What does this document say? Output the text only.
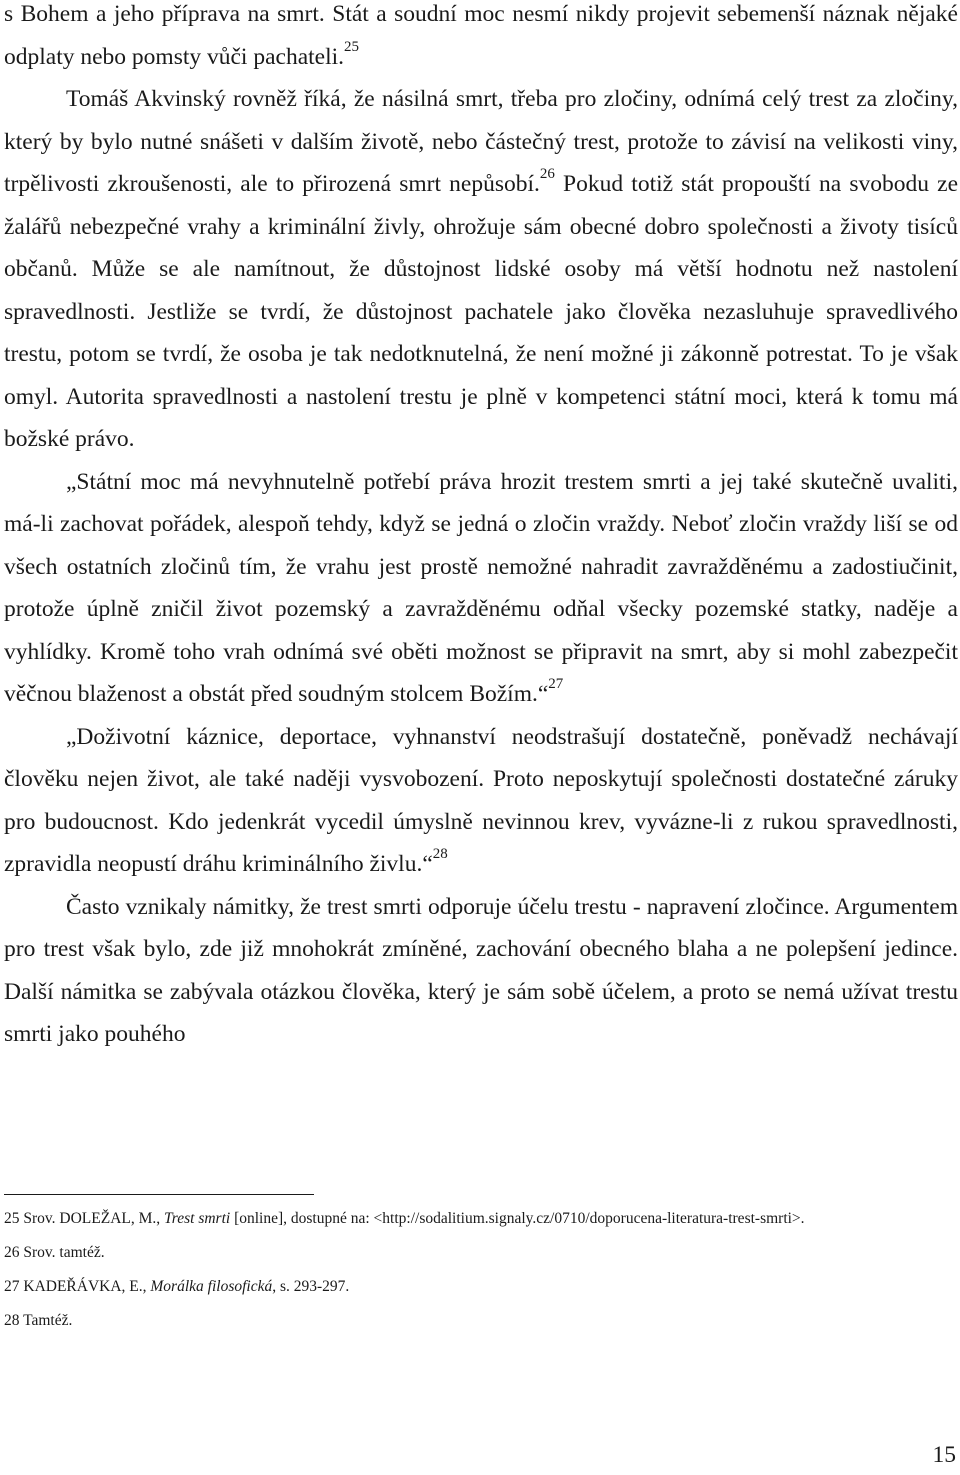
s Bohem a jeho příprava na smrt. Stát a soudní moc nesmí nikdy projevit sebemenší náznak nějaké odplaty nebo pomsty vůči pachateli.$^{25}$

Tomáš Akvinský rovněž říká, že násilná smrt, třeba pro zločiny, odnímá celý trest za zločiny, který by bylo nutné snášeti v dalším životě, nebo částečný trest, protože to závisí na velikosti viny, trpělivosti zkroušenosti, ale to přirozená smrt nepůsobí.$^{26}$ Pokud totiž stát propouští na svobodu ze žalářů nebezpečné vrahy a kriminální živly, ohrožuje sám obecné dobro společnosti a životy tisíců občanů. Může se ale namítnout, že důstojnost lidské osoby má větší hodnotu než nastolení spravedlnosti. Jestliže se tvrdí, že důstojnost pachatele jako člověka nezasluhuje spravedlivého trestu, potom se tvrdí, že osoba je tak nedotknutelná, že není možné ji zákonně potrestat. To je však omyl. Autorita spravedlnosti a nastolení trestu je plně v kompetenci státní moci, která k tomu má božské právo.

„Státní moc má nevyhnutelně potřebí práva hrozit trestem smrti a jej také skutečně uvaliti, má-li zachovat pořádek, alespoň tehdy, když se jedná o zločin vraždy. Neboť zločin vraždy liší se od všech ostatních zločinů tím, že vrahu jest prostě nemožné nahradit zavražděnému a zadostiučinit, protože úplně zničil život pozemský a zavražděnému odňal všecky pozemské statky, naděje a vyhlídky. Kromě toho vrah odnímá své oběti možnost se připravit na smrt, aby si mohl zabezpečit věčnou blaženost a obstát před soudným stolcem Božím.“$^{27}$

„Doživotní káznice, deportace, vyhnanství neodstrašují dostatečně, poněvadž nechávají člověku nejen život, ale také naději vysvobození. Proto neposkytují společnosti dostatečné záruky pro budoucnost. Kdo jedenkrát vycedil úmyslně nevinnou krev, vyvázne-li z rukou spravedlnosti, zpravidla neopustí dráhu kriminálního živlu.“$^{28}$

Často vznikaly námitky, že trest smrti odporuje účelu trestu - napravení zločince. Argumentem pro trest však bylo, zde již mnohokrát zmíněné, zachování obecného blaha a ne polepšení jedince. Další námitka se zabývala otázkou člověka, který je sám sobě účelem, a proto se nemá užívat trestu smrti jako pouhého

25 Srov. DOLEŽAL, M., Trest smrti [online], dostupné na: <http://sodalitium.signaly.cz/0710/doporucena-literatura-trest-smrti>.
26 Srov. tamtéž.
27 KADEŘÁVKA, E., Morálka filosofická, s. 293-297.
28 Tamtéž.
15
